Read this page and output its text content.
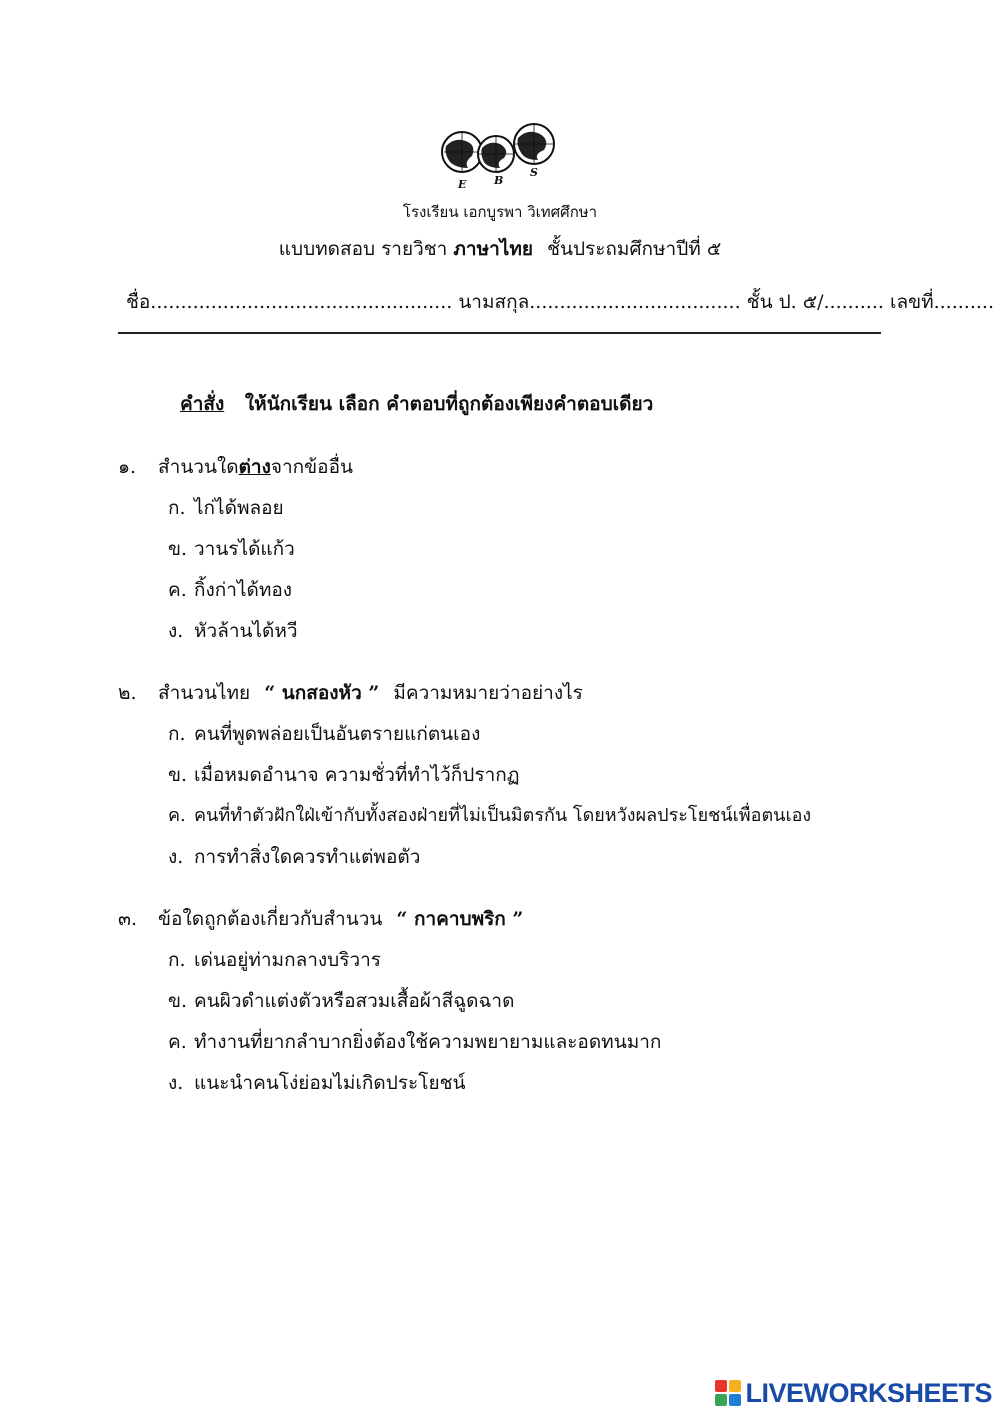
E	B
S
โรงเรียน เอกบูรพา วิเทศศึกษา
แบบทดสอบ รายวิชา ภาษาไทย ชั้นประถมศึกษาปีที่ ๕
ชื่อ.................................................. นามสกุล................................... ชั้น ป. ๕/.......... เลขที่..........
คำสั่ง ให้นักเรียน เลือก คำตอบที่ถูกต้องเพียงคำตอบเดียว
๑. สำนวนใดต่างจากข้ออื่น
ก. ไก่ได้พลอย
ข. วานรได้แก้ว
ค. กิ้งก่าได้ทอง
ง. หัวล้านได้หวี
๒. สำนวนไทย “ นกสองหัว ” มีความหมายว่าอย่างไร
ก. คนที่พูดพล่อยเป็นอันตรายแก่ตนเอง
ข. เมื่อหมดอำนาจ ความชั่วที่ทำไว้ก็ปรากฏ
ค. คนที่ทำตัวฝักใฝ่เข้ากับทั้งสองฝ่ายที่ไม่เป็นมิตรกัน โดยหวังผลประโยชน์เพื่อตนเอง
ง. การทำสิ่งใดควรทำแต่พอตัว
๓. ข้อใดถูกต้องเกี่ยวกับสำนวน “ กาคาบพริก ”
ก. เด่นอยู่ท่ามกลางบริวาร
ข. คนผิวดำแต่งตัวหรือสวมเสื้อผ้าสีฉูดฉาด
ค. ทำงานที่ยากลำบากยิ่งต้องใช้ความพยายามและอดทนมาก
ง. แนะนำคนโง่ย่อมไม่เกิดประโยชน์
LIVEWORKSHEETS
